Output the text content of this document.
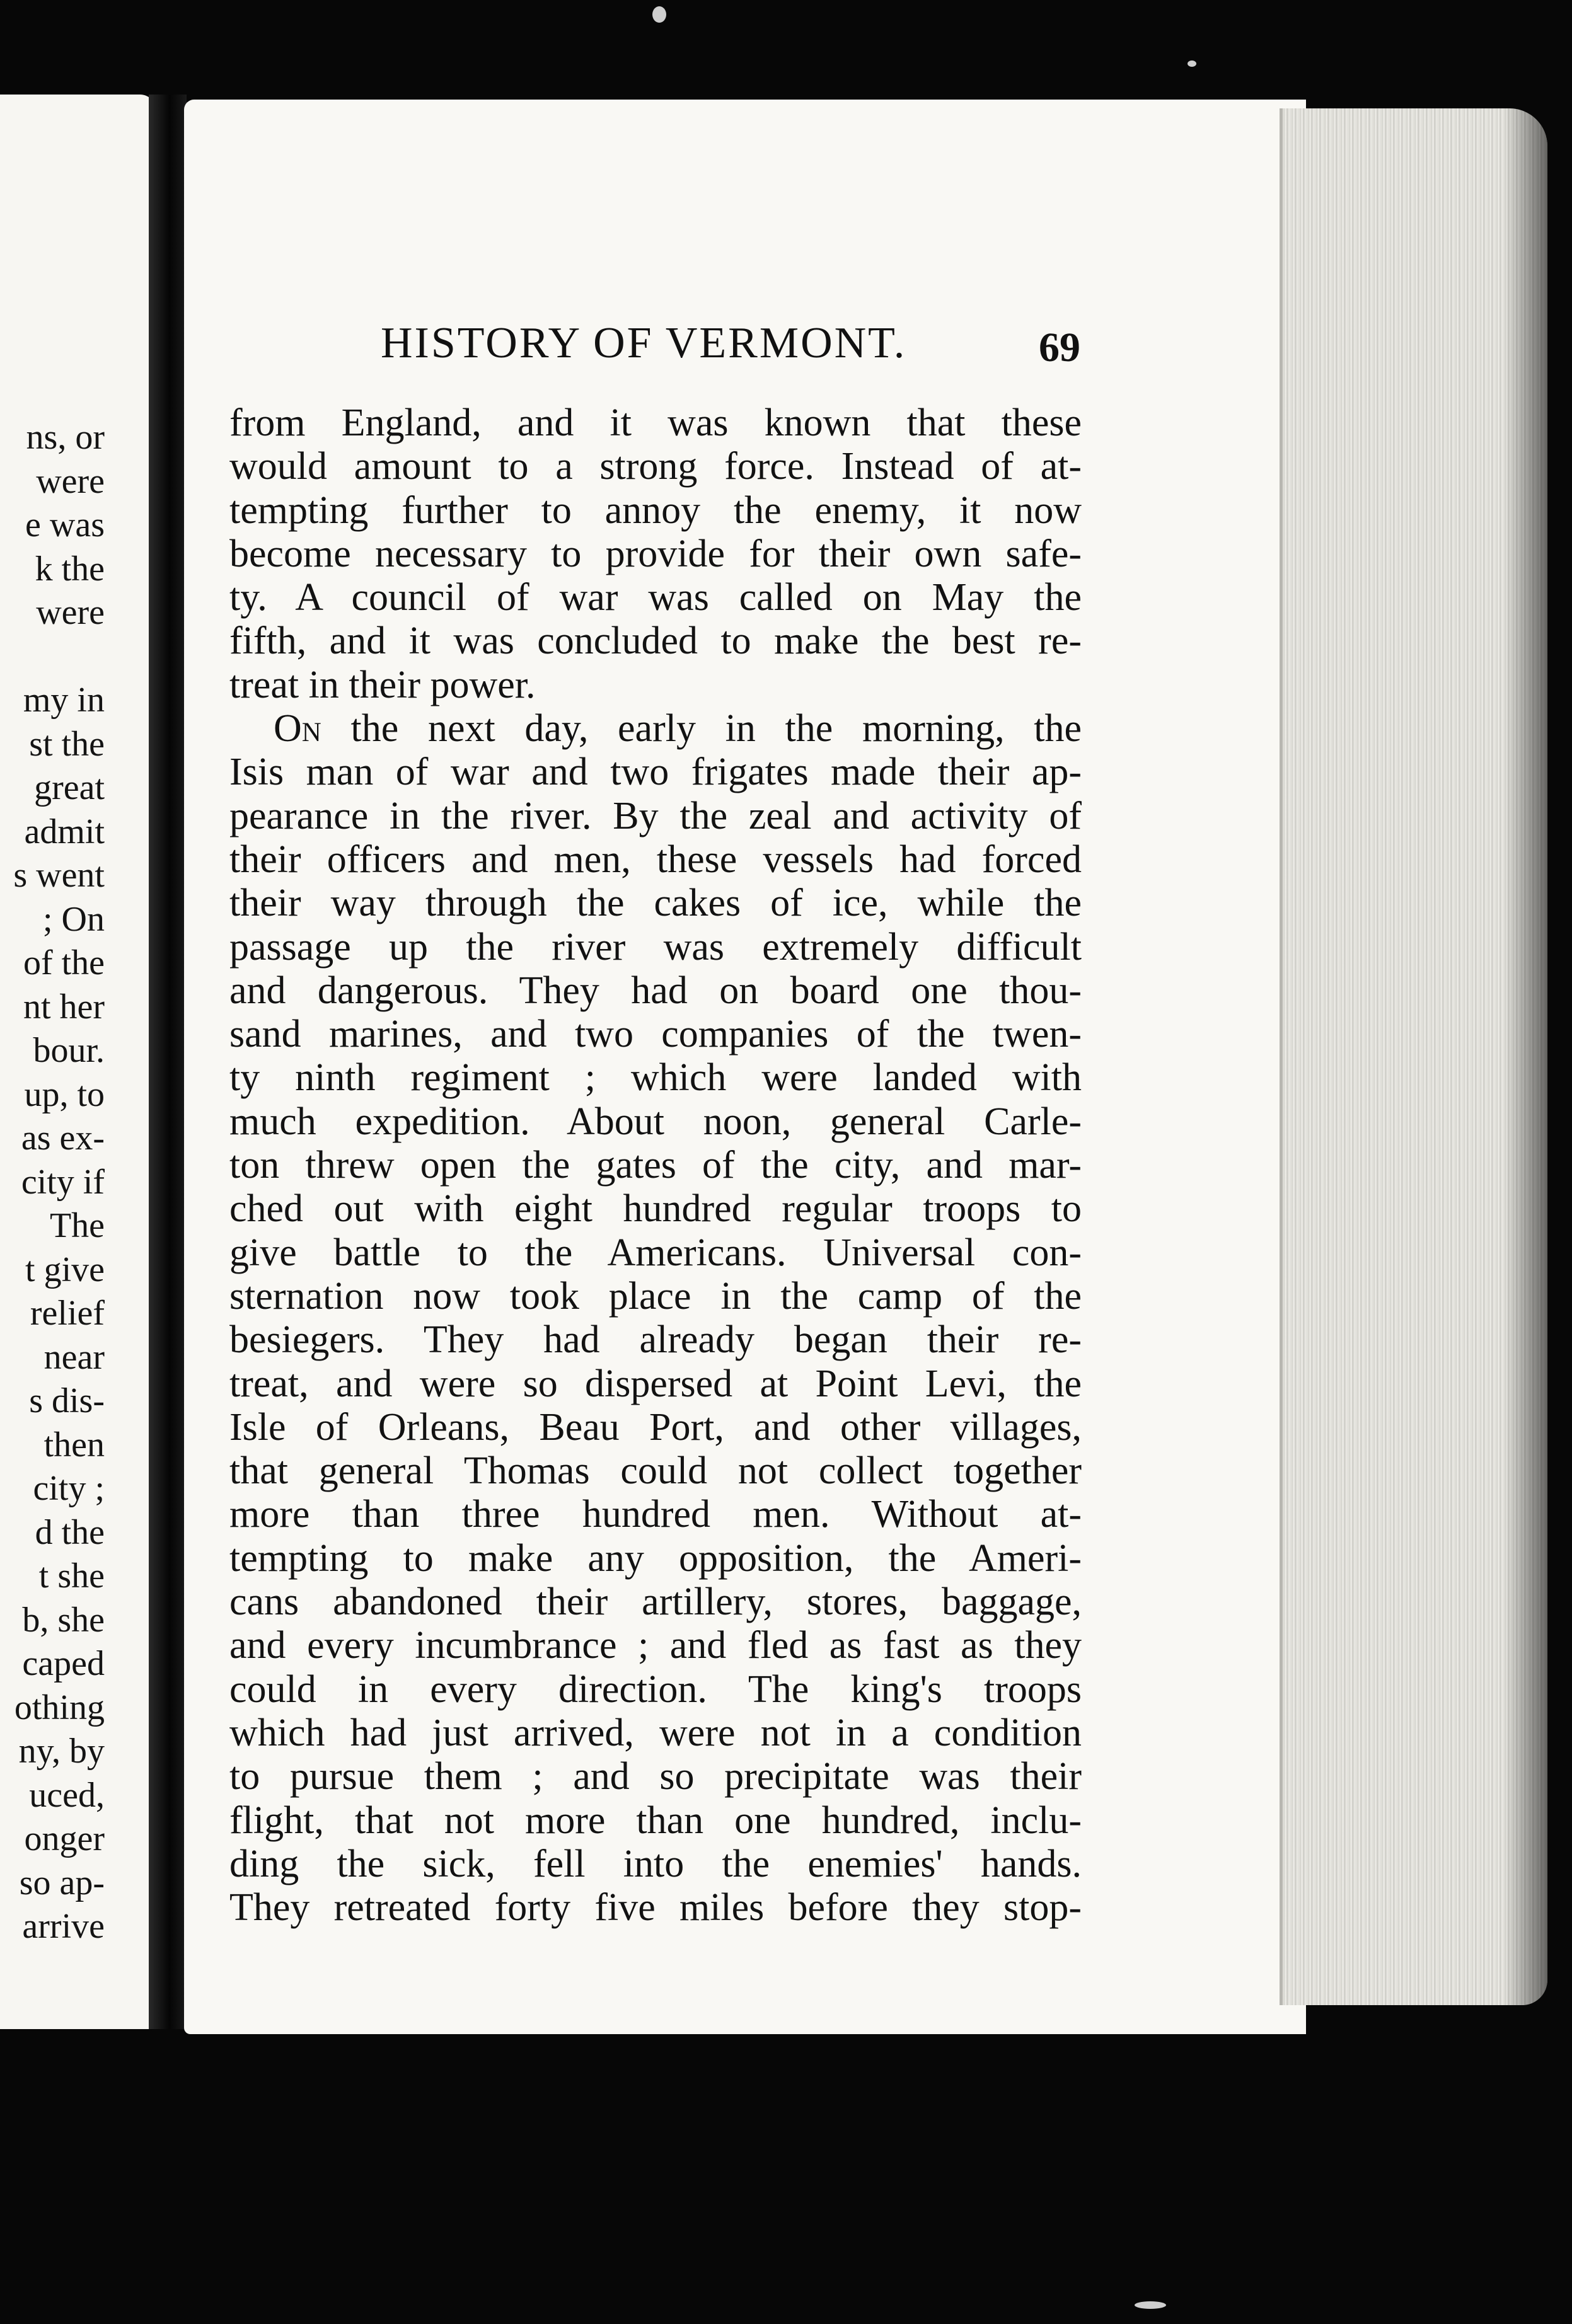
ns, or
were
e was
k the
were
my in
st the
great
admit
s went
; On
of the
nt her
bour.
up, to
as ex-
city if
The
t give
relief
near
s dis-
then
city ;
d the
t she
b, she
caped
othing
ny, by
uced,
onger
so ap-
arrive
HISTORY OF VERMONT.	69
from England, and it was known that these
would amount to a strong force. Instead of at-
tempting further to annoy the enemy, it now
become necessary to provide for their own safe-
ty. A council of war was called on May the
fifth, and it was concluded to make the best re-
treat in their power.
On the next day, early in the morning, the
Isis man of war and two frigates made their ap-
pearance in the river. By the zeal and activity of
their officers and men, these vessels had forced
their way through the cakes of ice, while the
passage up the river was extremely difficult
and dangerous. They had on board one thou-
sand marines, and two companies of the twen-
ty ninth regiment ; which were landed with
much expedition. About noon, general Carle-
ton threw open the gates of the city, and mar-
ched out with eight hundred regular troops to
give battle to the Americans. Universal con-
sternation now took place in the camp of the
besiegers. They had already began their re-
treat, and were so dispersed at Point Levi, the
Isle of Orleans, Beau Port, and other villages,
that general Thomas could not collect together
more than three hundred men. Without at-
tempting to make any opposition, the Ameri-
cans abandoned their artillery, stores, baggage,
and every incumbrance ; and fled as fast as they
could in every direction. The king's troops
which had just arrived, were not in a condition
to pursue them ; and so precipitate was their
flight, that not more than one hundred, inclu-
ding the sick, fell into the enemies' hands.
They retreated forty five miles before they stop-
